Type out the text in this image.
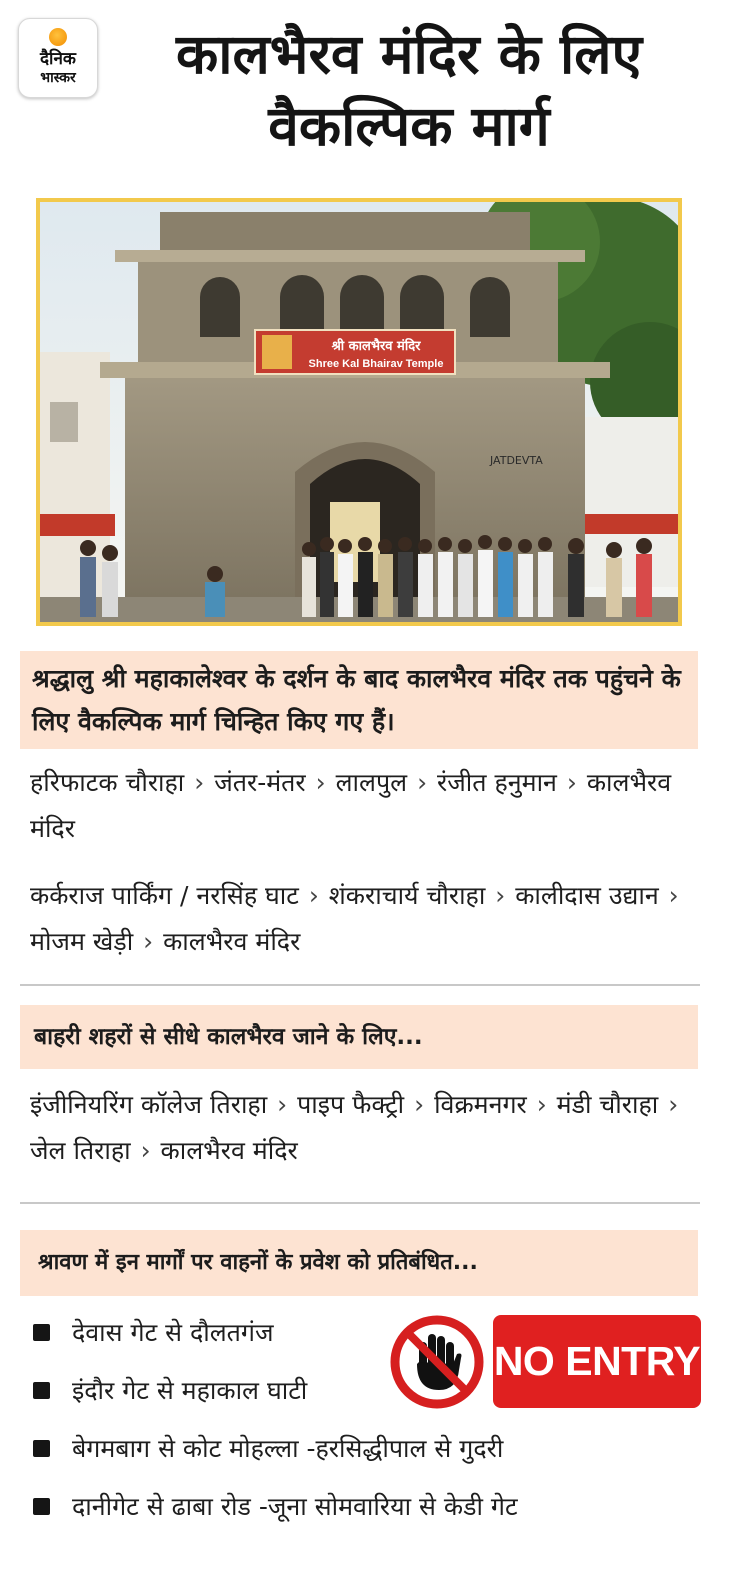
दैनिक
भास्कर	कालभैरव मंदिर के लिए
वैकल्पिक मार्ग
श्री कालभैरव मंदिर
Shree Kal Bhairav Temple
JATDEVTA
श्रद्धालु श्री महाकालेश्वर के दर्शन के बाद कालभैरव मंदिर तक पहुंचने के लिए वैकल्पिक मार्ग चिन्हित किए गए हैं।
हरिफाटक चौराहा › जंतर-मंतर › लालपुल › रंजीत हनुमान › कालभैरव मंदिर
कर्कराज पार्किंग / नरसिंह घाट › शंकराचार्य चौराहा › कालीदास उद्यान › मोजम खेड़ी › कालभैरव मंदिर
बाहरी शहरों से सीधे कालभैरव जाने के लिए...
इंजीनियरिंग कॉलेज तिराहा › पाइप फैक्ट्री › विक्रमनगर › मंडी चौराहा › जेल तिराहा › कालभैरव मंदिर
श्रावण में इन मार्गों पर वाहनों के प्रवेश को प्रतिबंधित...
देवास गेट से दौलतगंज
इंदौर गेट से महाकाल घाटी
बेगमबाग से कोट मोहल्ला -हरसिद्धीपाल से गुदरी
दानीगेट से ढाबा रोड -जूना सोमवारिया से केडी गेट
NO ENTRY
